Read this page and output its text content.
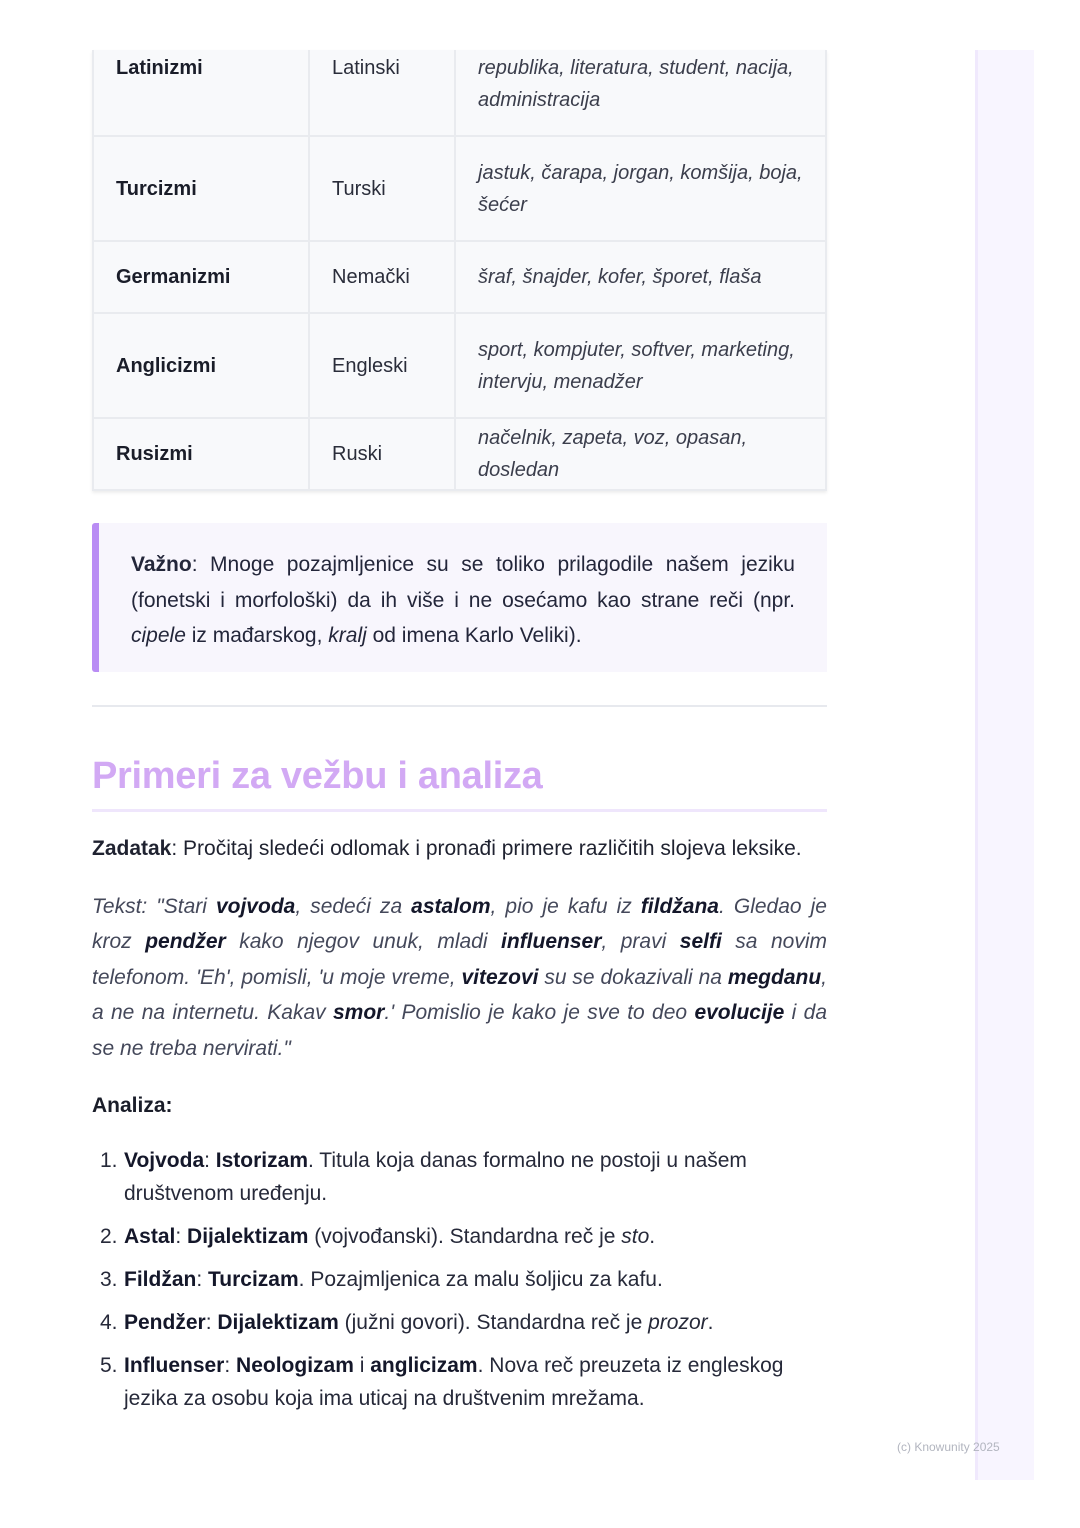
Latinizmi	Latinski	republika, literatura, student, nacija,
administracija
Turcizmi	Turski	jastuk, čarapa, jorgan, komšija, boja,
šećer
Germanizmi	Nemački	šraf, šnajder, kofer, šporet, flaša
Anglicizmi	Engleski	sport, kompjuter, softver, marketing,
intervju, menadžer
Rusizmi	Ruski	načelnik, zapeta, voz, opasan, dosledan
Važno: Mnoge pozajmljenice su se toliko prilagodile našem jeziku (fonetski i morfološki) da ih više i ne osećamo kao strane reči (npr. cipele iz mađarskog, kralj od imena Karlo Veliki).
Primeri za vežbu i analiza
Zadatak: Pročitaj sledeći odlomak i pronađi primere različitih slojeva leksike.
Tekst: "Stari vojvoda, sedeći za astalom, pio je kafu iz fildžana. Gledao je kroz pendžer kako njegov unuk, mladi influenser, pravi selfi sa novim telefonom. 'Eh', pomisli, 'u moje vreme, vitezovi su se dokazivali na megdanu, a ne na internetu. Kakav smor.' Pomislio je kako je sve to deo evolucije i da se ne treba nervirati."
Analiza:
1. Vojvoda: Istorizam. Titula koja danas formalno ne postoji u našem društvenom uređenju.
2. Astal: Dijalektizam (vojvođanski). Standardna reč je sto.
3. Fildžan: Turcizam. Pozajmljenica za malu šoljicu za kafu.
4. Pendžer: Dijalektizam (južni govori). Standardna reč je prozor.
5. Influenser: Neologizam i anglicizam. Nova reč preuzeta iz engleskog jezika za osobu koja ima uticaj na društvenim mrežama.
(c) Knowunity 2025
